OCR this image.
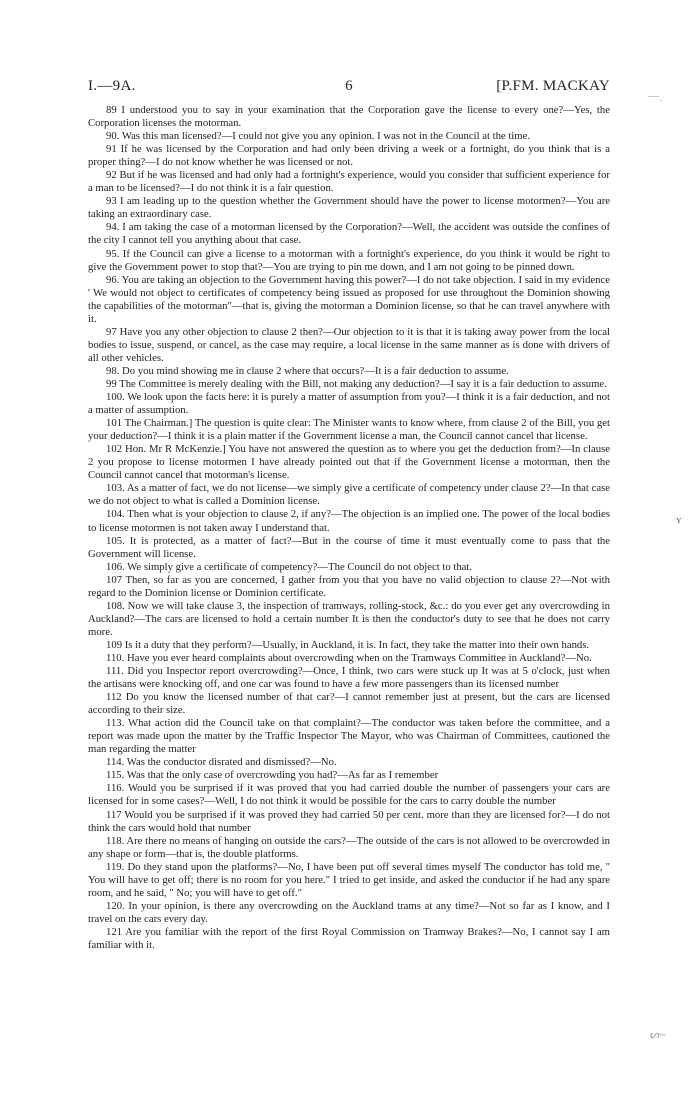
I.—9A.	6	[P.FM. MACKAY
—ˏ
ʏ
ᔕ~

89 I understood you to say in your examination that the Corporation gave the license to every one?—Yes, the Corporation licenses the motorman.

90. Was this man licensed?—I could not give you any opinion. I was not in the Council at the time.

91 If he was licensed by the Corporation and had only been driving a week or a fortnight, do you think that is a proper thing?—I do not know whether he was licensed or not.

92 But if he was licensed and had only had a fortnight's experience, would you consider that sufficient experience for a man to be licensed?—I do not think it is a fair question.

93 I am leading up to the question whether the Government should have the power to license motormen?—You are taking an extraordinary case.

94. I am taking the case of a motorman licensed by the Corporation?—Well, the accident was outside the confines of the city I cannot tell you anything about that case.

95. If the Council can give a license to a motorman with a fortnight's experience, do you think it would be right to give the Government power to stop that?—You are trying to pin me down, and I am not going to be pinned down.

96. You are taking an objection to the Government having this power?—I do not take objection. I said in my evidence ' We would not object to certificates of competency being issued as proposed for use throughout the Dominion showing the capabilities of the motorman"—that is, giving the motorman a Dominion license, so that he can travel anywhere with it.

97 Have you any other objection to clause 2 then?—Our objection to it is that it is taking away power from the local bodies to issue, suspend, or cancel, as the case may require, a local license in the same manner as is done with drivers of all other vehicles.

98. Do you mind showing me in clause 2 where that occurs?—It is a fair deduction to assume.

99 The Committee is merely dealing with the Bill, not making any deduction?—I say it is a fair deduction to assume.

100. We look upon the facts here: it is purely a matter of assumption from you?—I think it is a fair deduction, and not a matter of assumption.

101 The Chairman.] The question is quite clear: The Minister wants to know where, from clause 2 of the Bill, you get your deduction?—I think it is a plain matter if the Government license a man, the Council cannot cancel that license.

102 Hon. Mr R McKenzie.] You have not answered the question as to where you get the deduction from?—In clause 2 you propose to license motormen I have already pointed out that if the Government license a motorman, then the Council cannot cancel that motorman's license.

103. As a matter of fact, we do not license—we simply give a certificate of competency under clause 2?—In that case we do not object to what is called a Dominion license.

104. Then what is your objection to clause 2, if any?—The objection is an implied one. The power of the local bodies to license motormen is not taken away I understand that.

105. It is protected, as a matter of fact?—But in the course of time it must eventually come to pass that the Government will license.

106. We simply give a certificate of competency?—The Council do not object to that.

107 Then, so far as you are concerned, I gather from you that you have no valid objection to clause 2?—Not with regard to the Dominion license or Dominion certificate.

108. Now we will take clause 3, the inspection of tramways, rolling-stock, &c.: do you ever get any overcrowding in Auckland?—The cars are licensed to hold a certain number It is then the conductor's duty to see that he does not carry more.

109 Is it a duty that they perform?—Usually, in Auckland, it is. In fact, they take the matter into their own hands.

110. Have you ever heard complaints about overcrowding when on the Tramways Committee in Auckland?—No.

111. Did you Inspector report overcrowding?—Once, I think, two cars were stuck up It was at 5 o'clock, just when the artisans were knocking off, and one car was found to have a few more passengers than its licensed number

112 Do you know the licensed number of that car?—I cannot remember just at present, but the cars are licensed according to their size.

113. What action did the Council take on that complaint?—The conductor was taken before the committee, and a report was made upon the matter by the Traffic Inspector The Mayor, who was Chairman of Committees, cautioned the man regarding the matter

114. Was the conductor disrated and dismissed?—No.

115. Was that the only case of overcrowding you had?—As far as I remember

116. Would you be surprised if it was proved that you had carried double the number of passengers your cars are licensed for in some cases?—Well, I do not think it would be possible for the cars to carry double the number

117 Would you be surprised if it was proved they had carried 50 per cent. more than they are licensed for?—I do not think the cars would hold that number

118. Are there no means of hanging on outside the cars?—The outside of the cars is not allowed to be overcrowded in any shape or form—that is, the double platforms.

119. Do they stand upon the platforms?—No, I have been put off several times myself The conductor has told me, " You will have to get off; there is no room for you here." I tried to get inside, and asked the conductor if he had any spare room, and he said, " No; you will have to get off."

120. In your opinion, is there any overcrowding on the Auckland trams at any time?—Not so far as I know, and I travel on the cars every day.

121 Are you familiar with the report of the first Royal Commission on Tramway Brakes?—No, I cannot say I am familiar with it.
